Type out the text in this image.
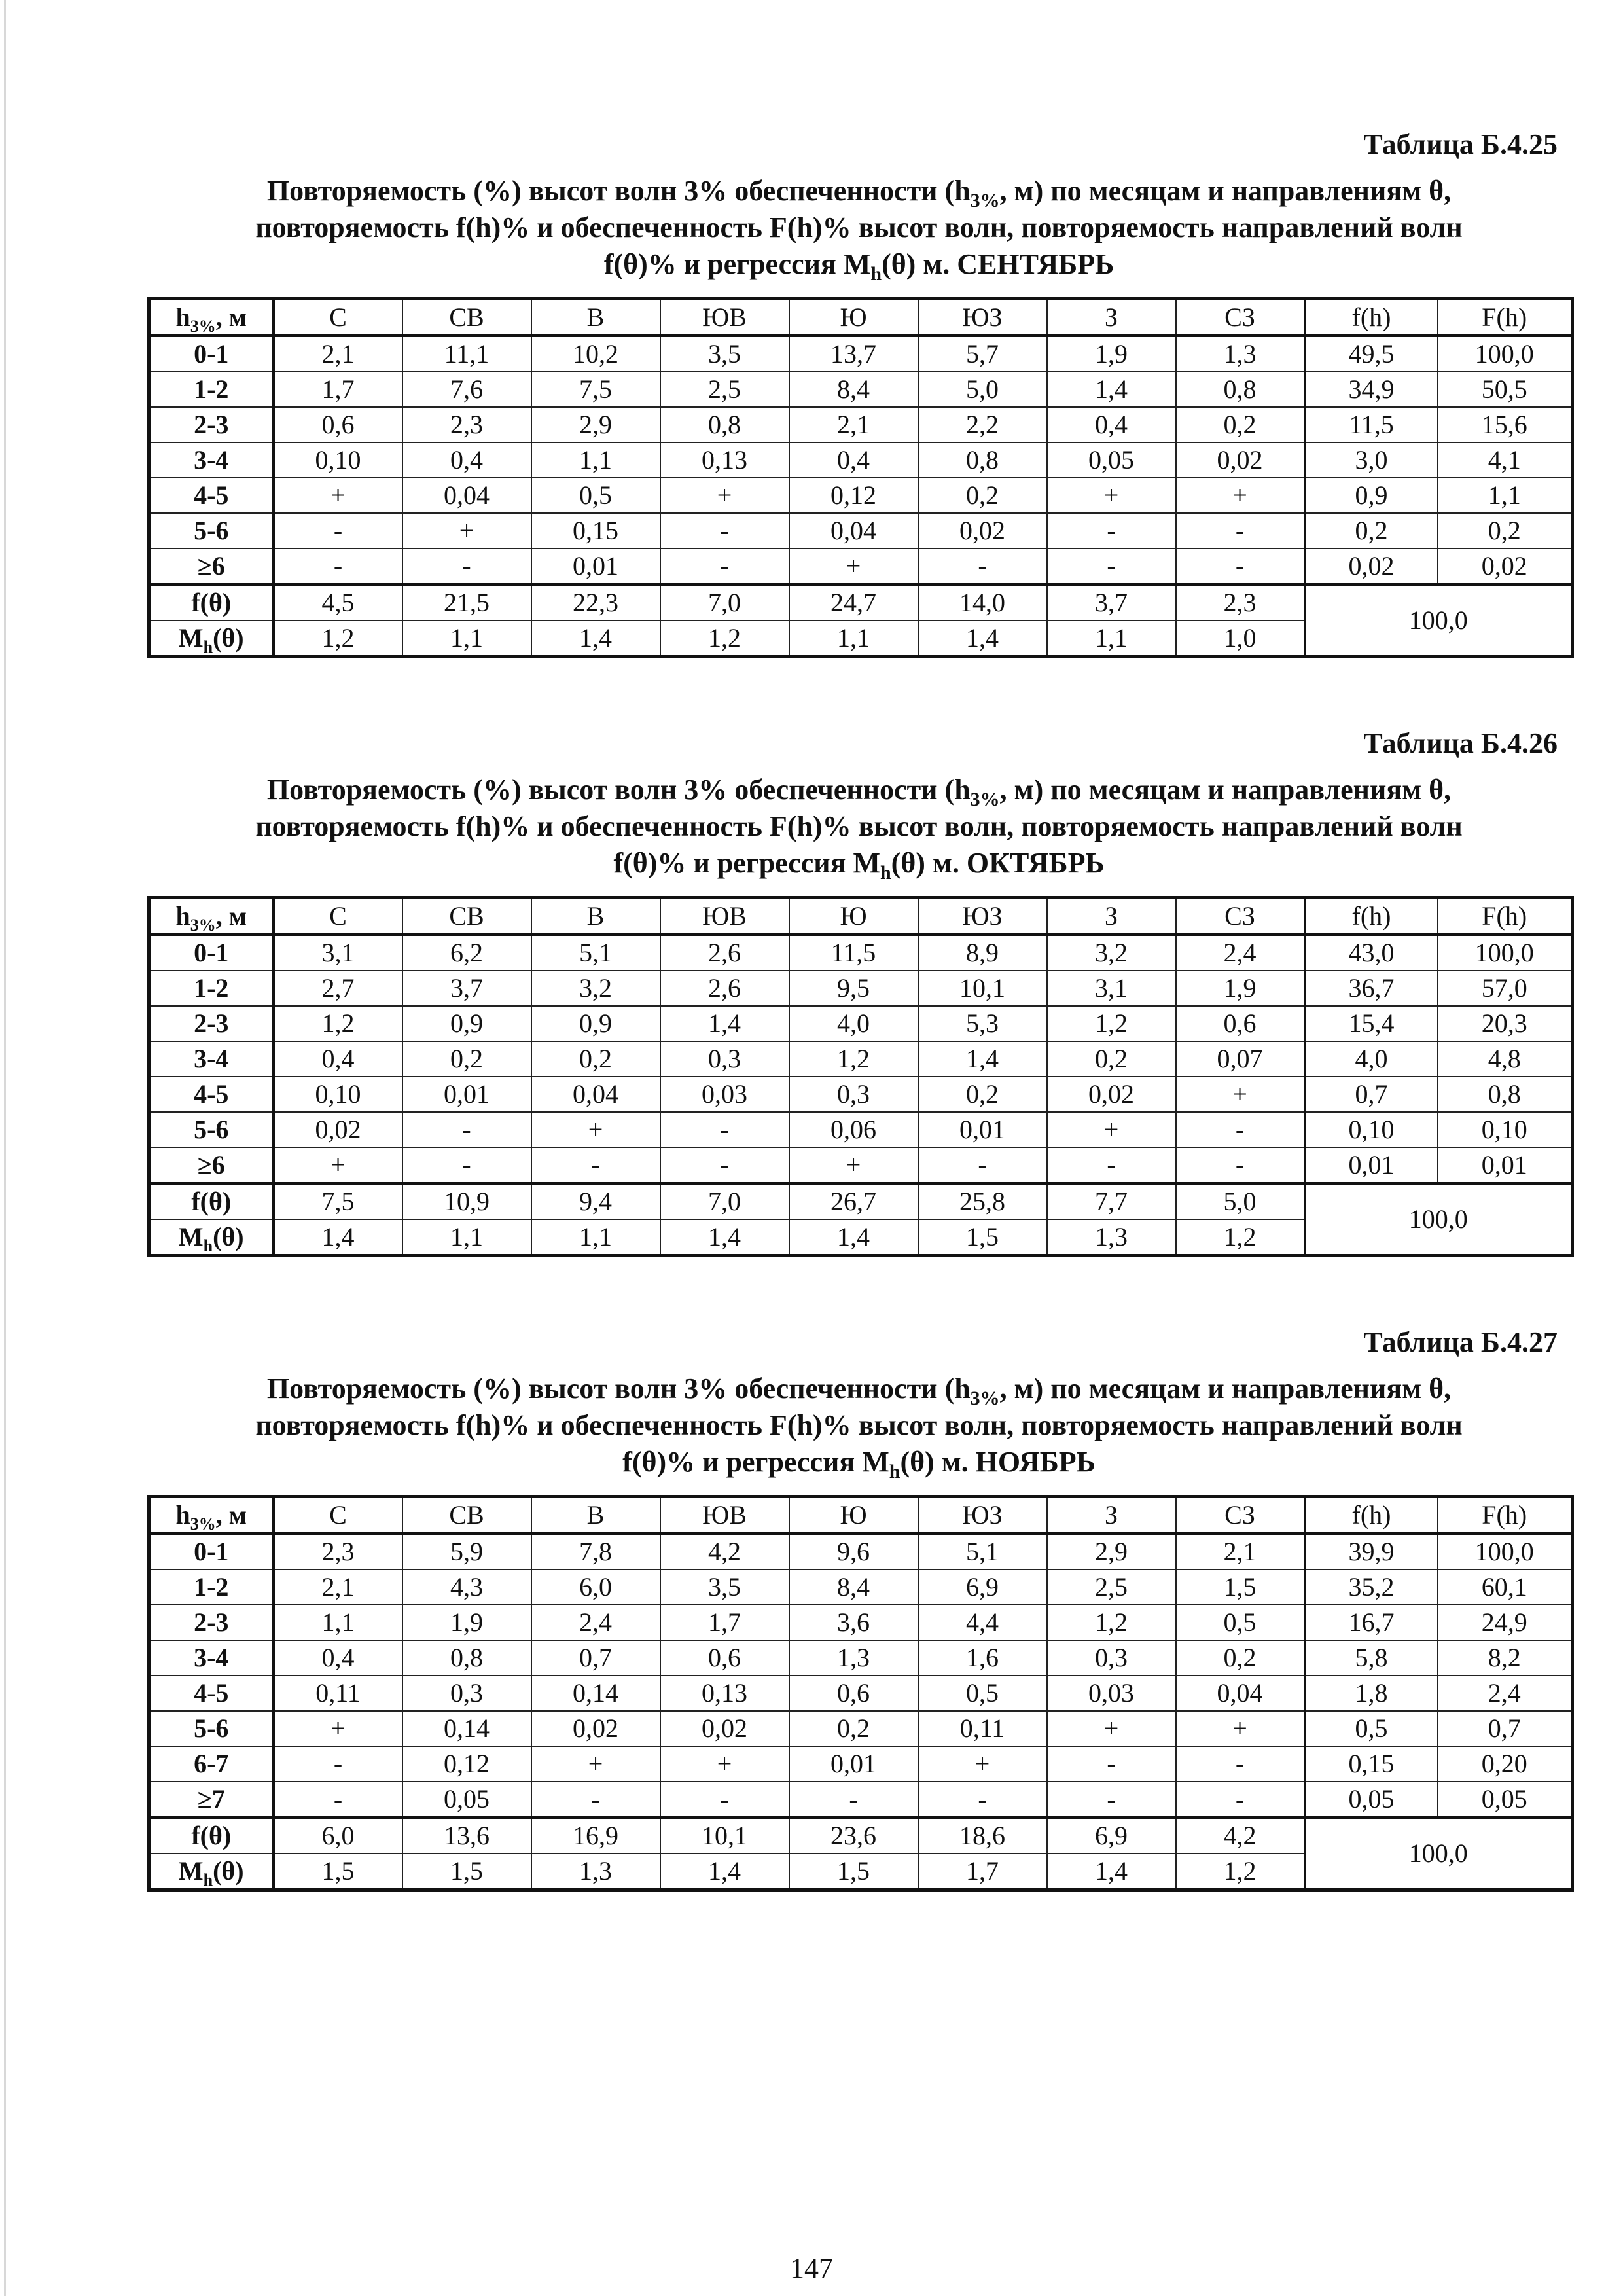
Таблица Б.4.25
Повторяемость (%) высот волн 3% обеспеченности ($h_{3\%}$, м) по месяцам и направлениям θ,
повторяемость f(h)% и обеспеченность F(h)% высот волн, повторяемость направлений волн
f(θ)% и регрессия $M_h(\theta)$ м. СЕНТЯБРЬ
$h_{3\%}$, м	С	СВ	В	ЮВ	Ю	ЮЗ	З	СЗ	f(h)	F(h)
0-1	2,1	11,1	10,2	3,5	13,7	5,7	1,9	1,3	49,5	100,0
1-2	1,7	7,6	7,5	2,5	8,4	5,0	1,4	0,8	34,9	50,5
2-3	0,6	2,3	2,9	0,8	2,1	2,2	0,4	0,2	11,5	15,6
3-4	0,10	0,4	1,1	0,13	0,4	0,8	0,05	0,02	3,0	4,1
4-5	+	0,04	0,5	+	0,12	0,2	+	+	0,9	1,1
5-6	-	+	0,15	-	0,04	0,02	-	-	0,2	0,2
≥6	-	-	0,01	-	+	-	-	-	0,02	0,02
f(θ)	4,5	21,5	22,3	7,0	24,7	14,0	3,7	2,3	100,0	
$M_h(\theta)$	1,2	1,1	1,4	1,2	1,1	1,4	1,1	1,0		
Таблица Б.4.26
Повторяемость (%) высот волн 3% обеспеченности ($h_{3\%}$, м) по месяцам и направлениям θ,
повторяемость f(h)% и обеспеченность F(h)% высот волн, повторяемость направлений волн
f(θ)% и регрессия $M_h(\theta)$ м. ОКТЯБРЬ
$h_{3\%}$, м	С	СВ	В	ЮВ	Ю	ЮЗ	З	СЗ	f(h)	F(h)
0-1	3,1	6,2	5,1	2,6	11,5	8,9	3,2	2,4	43,0	100,0
1-2	2,7	3,7	3,2	2,6	9,5	10,1	3,1	1,9	36,7	57,0
2-3	1,2	0,9	0,9	1,4	4,0	5,3	1,2	0,6	15,4	20,3
3-4	0,4	0,2	0,2	0,3	1,2	1,4	0,2	0,07	4,0	4,8
4-5	0,10	0,01	0,04	0,03	0,3	0,2	0,02	+	0,7	0,8
5-6	0,02	-	+	-	0,06	0,01	+	-	0,10	0,10
≥6	+	-	-	-	+	-	-	-	0,01	0,01
f(θ)	7,5	10,9	9,4	7,0	26,7	25,8	7,7	5,0	100,0	
$M_h(\theta)$	1,4	1,1	1,1	1,4	1,4	1,5	1,3	1,2		
Таблица Б.4.27
Повторяемость (%) высот волн 3% обеспеченности ($h_{3\%}$, м) по месяцам и направлениям θ,
повторяемость f(h)% и обеспеченность F(h)% высот волн, повторяемость направлений волн
f(θ)% и регрессия $M_h(\theta)$ м. НОЯБРЬ
$h_{3\%}$, м	С	СВ	В	ЮВ	Ю	ЮЗ	З	СЗ	f(h)	F(h)
0-1	2,3	5,9	7,8	4,2	9,6	5,1	2,9	2,1	39,9	100,0
1-2	2,1	4,3	6,0	3,5	8,4	6,9	2,5	1,5	35,2	60,1
2-3	1,1	1,9	2,4	1,7	3,6	4,4	1,2	0,5	16,7	24,9
3-4	0,4	0,8	0,7	0,6	1,3	1,6	0,3	0,2	5,8	8,2
4-5	0,11	0,3	0,14	0,13	0,6	0,5	0,03	0,04	1,8	2,4
5-6	+	0,14	0,02	0,02	0,2	0,11	+	+	0,5	0,7
6-7	-	0,12	+	+	0,01	+	-	-	0,15	0,20
≥7	-	0,05	-	-	-	-	-	-	0,05	0,05
f(θ)	6,0	13,6	16,9	10,1	23,6	18,6	6,9	4,2	100,0	
$M_h(\theta)$	1,5	1,5	1,3	1,4	1,5	1,7	1,4	1,2		
147
